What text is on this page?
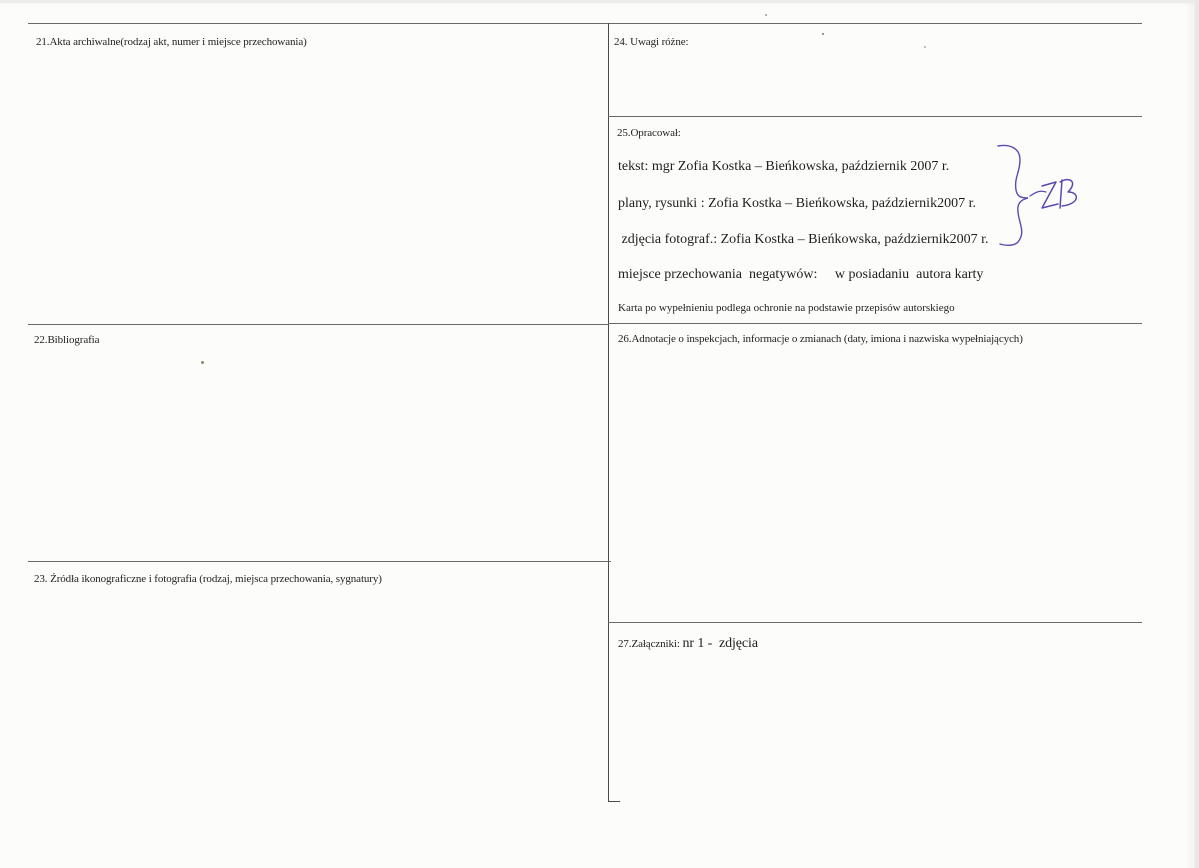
21.Akta archiwalne(rodzaj akt, numer i miejsce przechowania)
22.Bibliografia
23. Źródła ikonograficzne i fotografia (rodzaj, miejsca przechowania, sygnatury)
24. Uwagi różne:
25.Opracował:
tekst: mgr Zofia Kostka – Bieńkowska, październik 2007 r.
plany, rysunki : Zofia Kostka – Bieńkowska, październik2007 r.
zdjęcia fotograf.: Zofia Kostka – Bieńkowska, październik2007 r.
miejsce przechowania  negatywów:     w posiadaniu  autora karty
Karta po wypełnieniu podlega ochronie na podstawie przepisów autorskiego
26.Adnotacje o inspekcjach, informacje o zmianach (daty, imiona i nazwiska wypełniających)
27.Załączniki: nr 1 -  zdjęcia
